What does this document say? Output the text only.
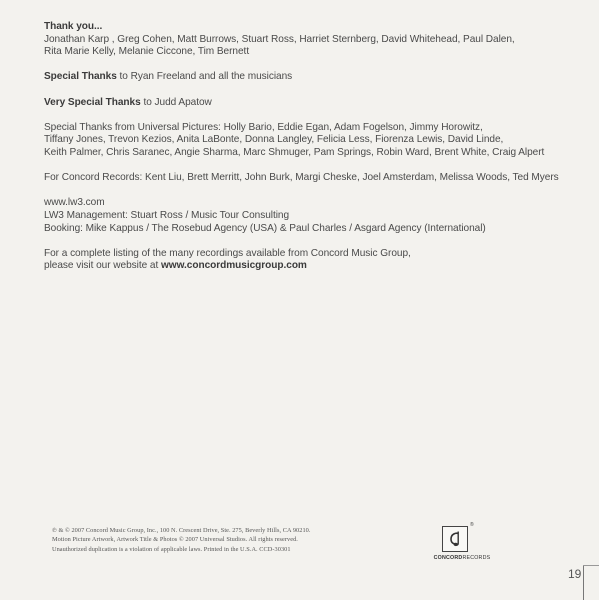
Thank you...

Jonathan Karp , Greg Cohen, Matt Burrows, Stuart Ross, Harriet Sternberg, David Whitehead, Paul Dalen,

Rita Marie Kelly, Melanie Ciccone, Tim Bernett

Special Thanks to Ryan Freeland and all the musicians

Very Special Thanks to Judd Apatow

Special Thanks from Universal Pictures: Holly Bario, Eddie Egan, Adam Fogelson, Jimmy Horowitz,

Tiffany Jones, Trevon Kezios, Anita LaBonte, Donna Langley, Felicia Less, Fiorenza Lewis, David Linde,

Keith Palmer, Chris Saranec, Angie Sharma, Marc Shmuger, Pam Springs, Robin Ward, Brent White, Craig Alpert

For Concord Records: Kent Liu, Brett Merritt, John Burk, Margi Cheske, Joel Amsterdam, Melissa Woods, Ted Myers

www.lw3.com

LW3 Management: Stuart Ross / Music Tour Consulting

Booking: Mike Kappus / The Rosebud Agency (USA) & Paul Charles / Asgard Agency (International)

For a complete listing of the many recordings available from Concord Music Group,

please visit our website at www.concordmusicgroup.com

℗ & © 2007 Concord Music Group, Inc., 100 N. Crescent Drive, Ste. 275, Beverly Hills, CA 90210.

Motion Picture Artwork, Artwork Title & Photos © 2007 Universal Studios. All rights reserved.

Unauthorized duplication is a violation of applicable laws. Printed in the U.S.A. CCD-30301

®
CONCORDRECORDS
19
